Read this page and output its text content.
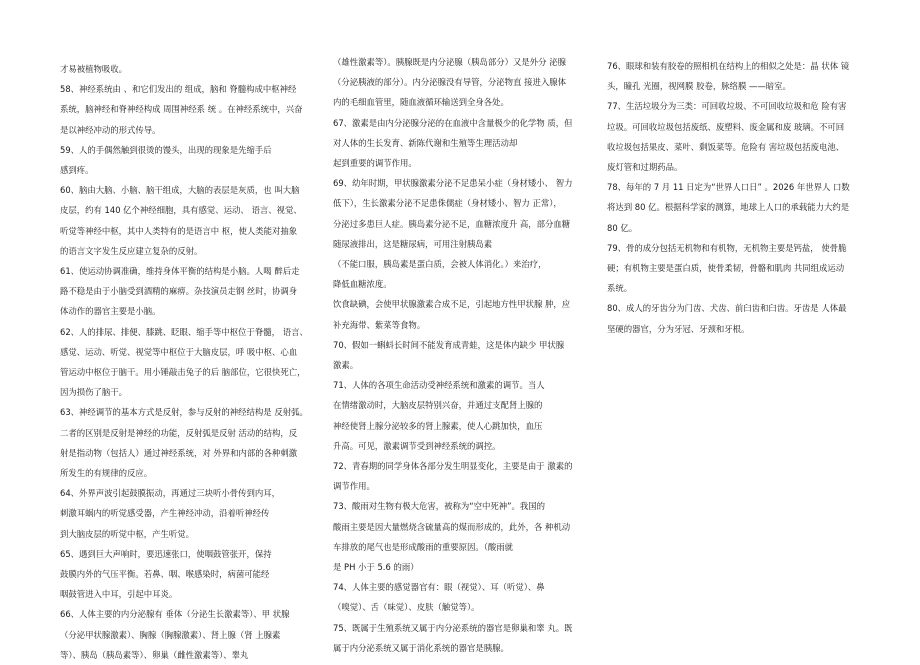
才易被植物吸收。

58、神经系统由 、和它们发出的 组成，脑和 脊髓构成中枢神经

系统，脑神经和脊神经构成 周围神经系 统 。在神经系统中，兴奋

是以神经冲动的形式传导。

59、人的手偶然触到很烫的馒头，出现的现象是先缩手后

感到疼。

60、脑由大脑、小脑、脑干组成，大脑的表层是灰质，也 叫大脑

皮层，约有 140 亿个神经细胞，具有感觉、运动、 语言、视觉、

听觉等神经中枢，其中人类特有的是语言中 枢，使人类能对抽象

的语言文字发生反应建立复杂的反射。

61、使运动协调准确，维持身体平衡的结构是小脑。人喝 醉后走

路不稳是由于小脑受到酒精的麻痹。杂技演员走钢 丝时，协调身

体动作的器官主要是小脑。

62、人的排尿、排便、膝跳、眨眼、缩手等中枢位于脊髓， 语言、

感觉、运动、听觉、视觉等中枢位于大脑皮层，呼 吸中枢、心血

管运动中枢位于脑干。用小锤敲击兔子的后 脑部位，它很快死亡，

因为损伤了脑干。

63、神经调节的基本方式是反射，参与反射的神经结构是 反射弧。

二者的区别是反射是神经的功能，反射弧是反射 活动的结构，反

射是指动物（包括人）通过神经系统，对 外界和内部的各种刺激

所发生的有规律的反应。

64、外界声波引起鼓膜振动，再通过三块听小骨传到内耳，

刺激耳蜗内的听觉感受器，产生神经冲动，沿着听神经传

到大脑皮层的听觉中枢，产生听觉。

65、遇到巨大声响时，要迅速张口，使咽鼓管张开，保持

鼓膜内外的气压平衡。若鼻、咽、喉感染时，病菌可能经

咽鼓管进入中耳，引起中耳炎。

66、人体主要的内分泌腺有 垂体（分泌生长激素等）、甲 状腺

（分泌甲状腺激素）、胸腺（胸腺激素）、肾上腺（肾 上腺素

等）、胰岛（胰岛素等）、卵巢（雌性激素等）、睾丸

（雄性激素等）。胰腺既是内分泌腺（胰岛部分）又是外分 泌腺

（分泌胰液的部分）。内分泌腺没有导管，分泌物直 接进入腺体

内的毛细血管里，随血液循环输送到全身各处。

67、激素是由内分泌腺分泌的在血液中含量极少的化学物 质，但

对人体的生长发育、新陈代谢和生殖等生理活动却

起到重要的调节作用。

69、幼年时期，甲状腺激素分泌不足患呆小症（身材矮小、 智力

低下），生长激素分泌不足患侏儒症（身材矮小、智力 正常），

分泌过多患巨人症。胰岛素分泌不足，血糖浓度升 高，部分血糖

随尿液排出，这是糖尿病，可用注射胰岛素

（不能口服，胰岛素是蛋白质，会被人体消化。）来治疗，

降低血糖浓度。

饮食缺碘，会使甲状腺激素合成不足，引起地方性甲状腺 肿，应

补充海带、紫菜等食物。

70、假如一蝌蚪长时间不能发育成青蛙，这是体内缺少 甲状腺

激素。

71、人体的各项生命活动受神经系统和激素的调节。当人

在情绪激动时，大脑皮层特别兴奋，并通过支配肾上腺的

神经使肾上腺分泌较多的肾上腺素，使人心跳加快，血压

升高。可见，激素调节受到神经系统的调控。

72、青春期的同学身体各部分发生明显变化，主要是由于 激素的

调节作用。

73、酸雨对生物有极大危害，被称为“空中死神”。我国的

酸雨主要是因大量燃烧含硫量高的煤而形成的，此外，各 种机动

车排放的尾气也是形成酸雨的重要原因。（酸雨就

是 PH 小于 5.6 的雨）

74、人体主要的感觉器官有：眼（视觉）、耳（听觉）、鼻

（嗅觉）、舌（味觉）、皮肤（触觉等）。

75、既属于生殖系统又属于内分泌系统的器官是卵巢和睾 丸。既

属于内分泌系统又属于消化系统的器官是胰腺。

76、眼球和装有胶卷的照相机在结构上的相似之处是：晶 状体 镜

头，瞳孔 光圈，视网膜 胶卷，脉络膜 ——暗室。

77、生活垃圾分为三类：可回收垃圾、不可回收垃圾和危 险有害

垃圾。可回收垃圾包括废纸、废塑料、废金属和废 玻璃。不可回

收垃圾包括果皮、菜叶、剩饭菜等。危险有 害垃圾包括废电池、

废灯管和过期药品。

78、每年的 7 月 11 日定为“世界人口日” 。2026 年世界人 口数

将达到 80 亿。根据科学家的测算，地球上人口的承载能力大约是

80 亿。

79、骨的成分包括无机物和有机物，无机物主要是钙盐， 使骨脆

硬；有机物主要是蛋白质，使骨柔韧，骨骼和肌肉 共同组成运动

系统。

80、成人的牙齿分为门齿、犬齿、前臼齿和臼齿。牙齿是 人体最

坚硬的器官，分为牙冠、牙颈和牙根。
